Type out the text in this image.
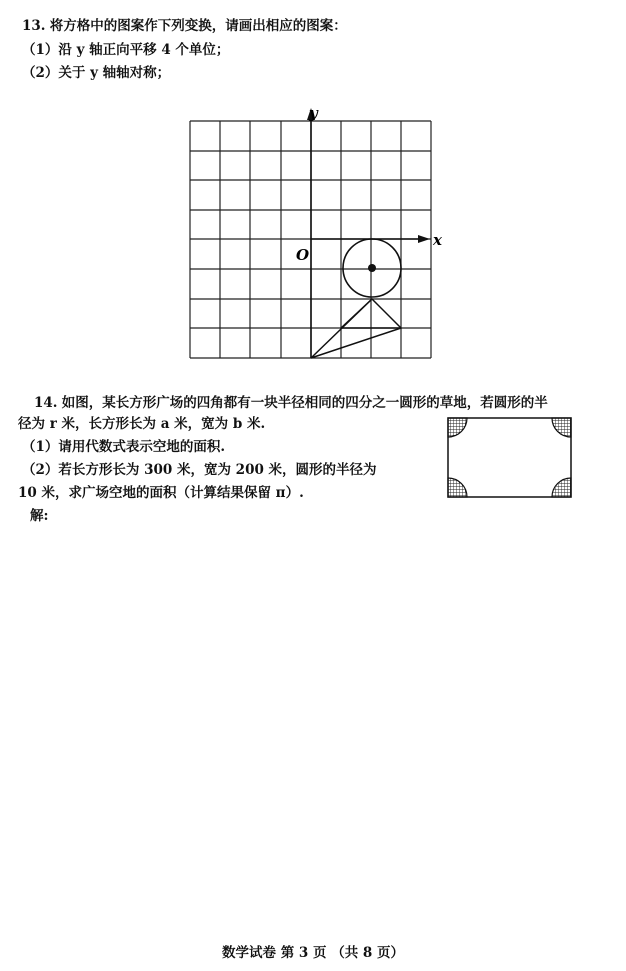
13. 将方格中的图案作下列变换，请画出相应的图案：
（1）沿 y 轴正向平移 4 个单位；
（2）关于 y 轴轴对称；
y
x
O
14. 如图，某长方形广场的四角都有一块半径相同的四分之一圆形的草地，若圆形的半
径为 r 米，长方形长为 a 米，宽为 b 米.
（1）请用代数式表示空地的面积.
（2）若长方形长为 300 米，宽为 200 米，圆形的半径为
10 米，求广场空地的面积（计算结果保留 π）.
解:
数学试卷 第 3 页 （共 8 页）
